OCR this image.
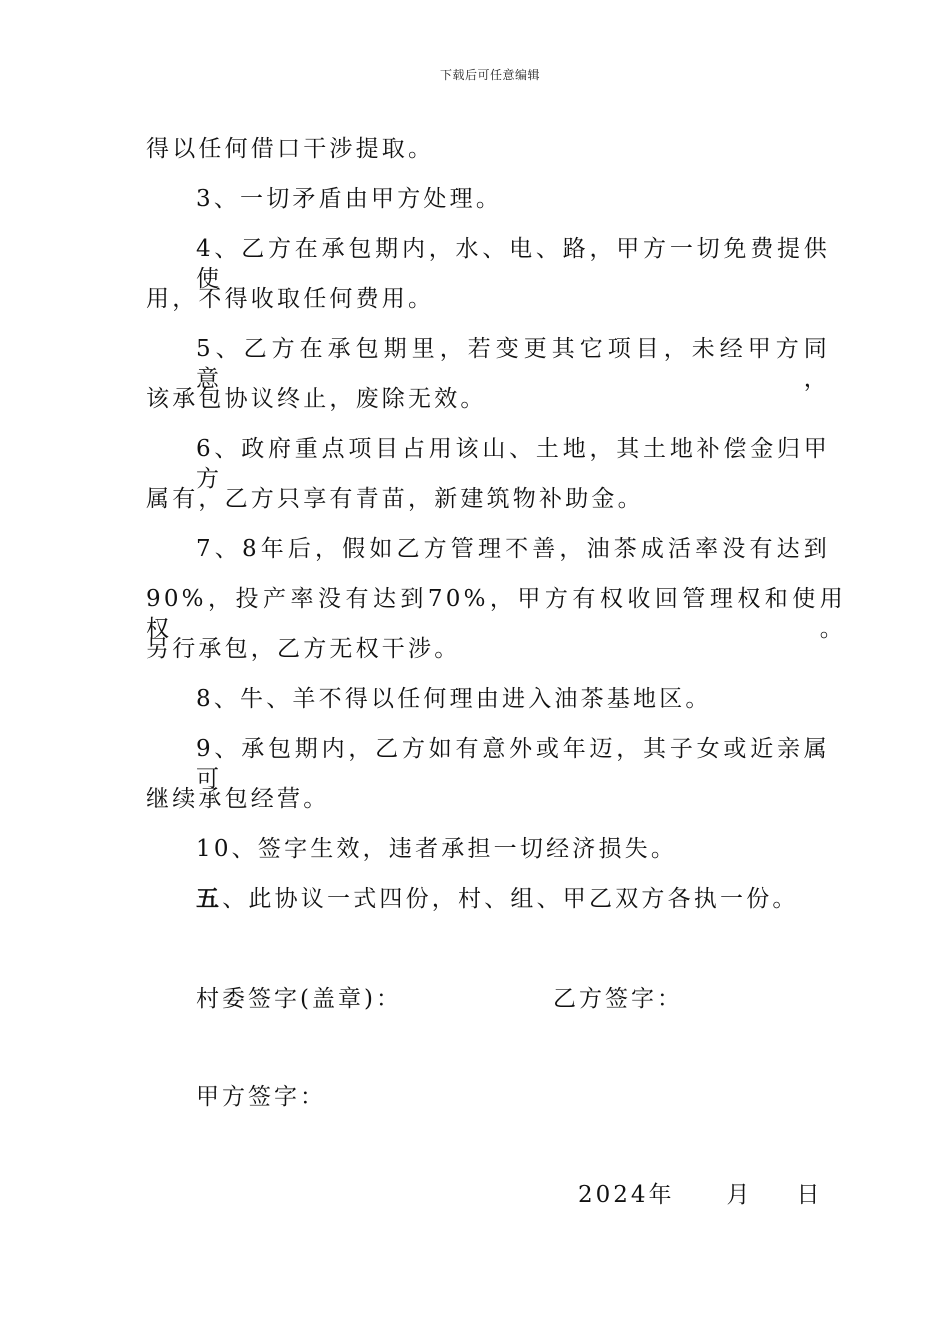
下载后可任意编辑
得以任何借口干涉提取。
3、一切矛盾由甲方处理。
4、乙方在承包期内，水、电、路，甲方一切免费提供使
用，不得收取任何费用。
5、乙方在承包期里，若变更其它项目，未经甲方同意，
该承包协议终止，废除无效。
6、政府重点项目占用该山、土地，其土地补偿金归甲方
属有，乙方只享有青苗，新建筑物补助金。
7、8年后，假如乙方管理不善，油茶成活率没有达到
90%，投产率没有达到70%，甲方有权收回管理权和使用权。
另行承包，乙方无权干涉。
8、牛、羊不得以任何理由进入油茶基地区。
9、承包期内，乙方如有意外或年迈，其子女或近亲属可
继续承包经营。
10、签字生效，违者承担一切经济损失。
五、此协议一式四份，村、组、甲乙双方各执一份。
村委签字(盖章)：	乙方签字：
甲方签字：
2024年 月 日
